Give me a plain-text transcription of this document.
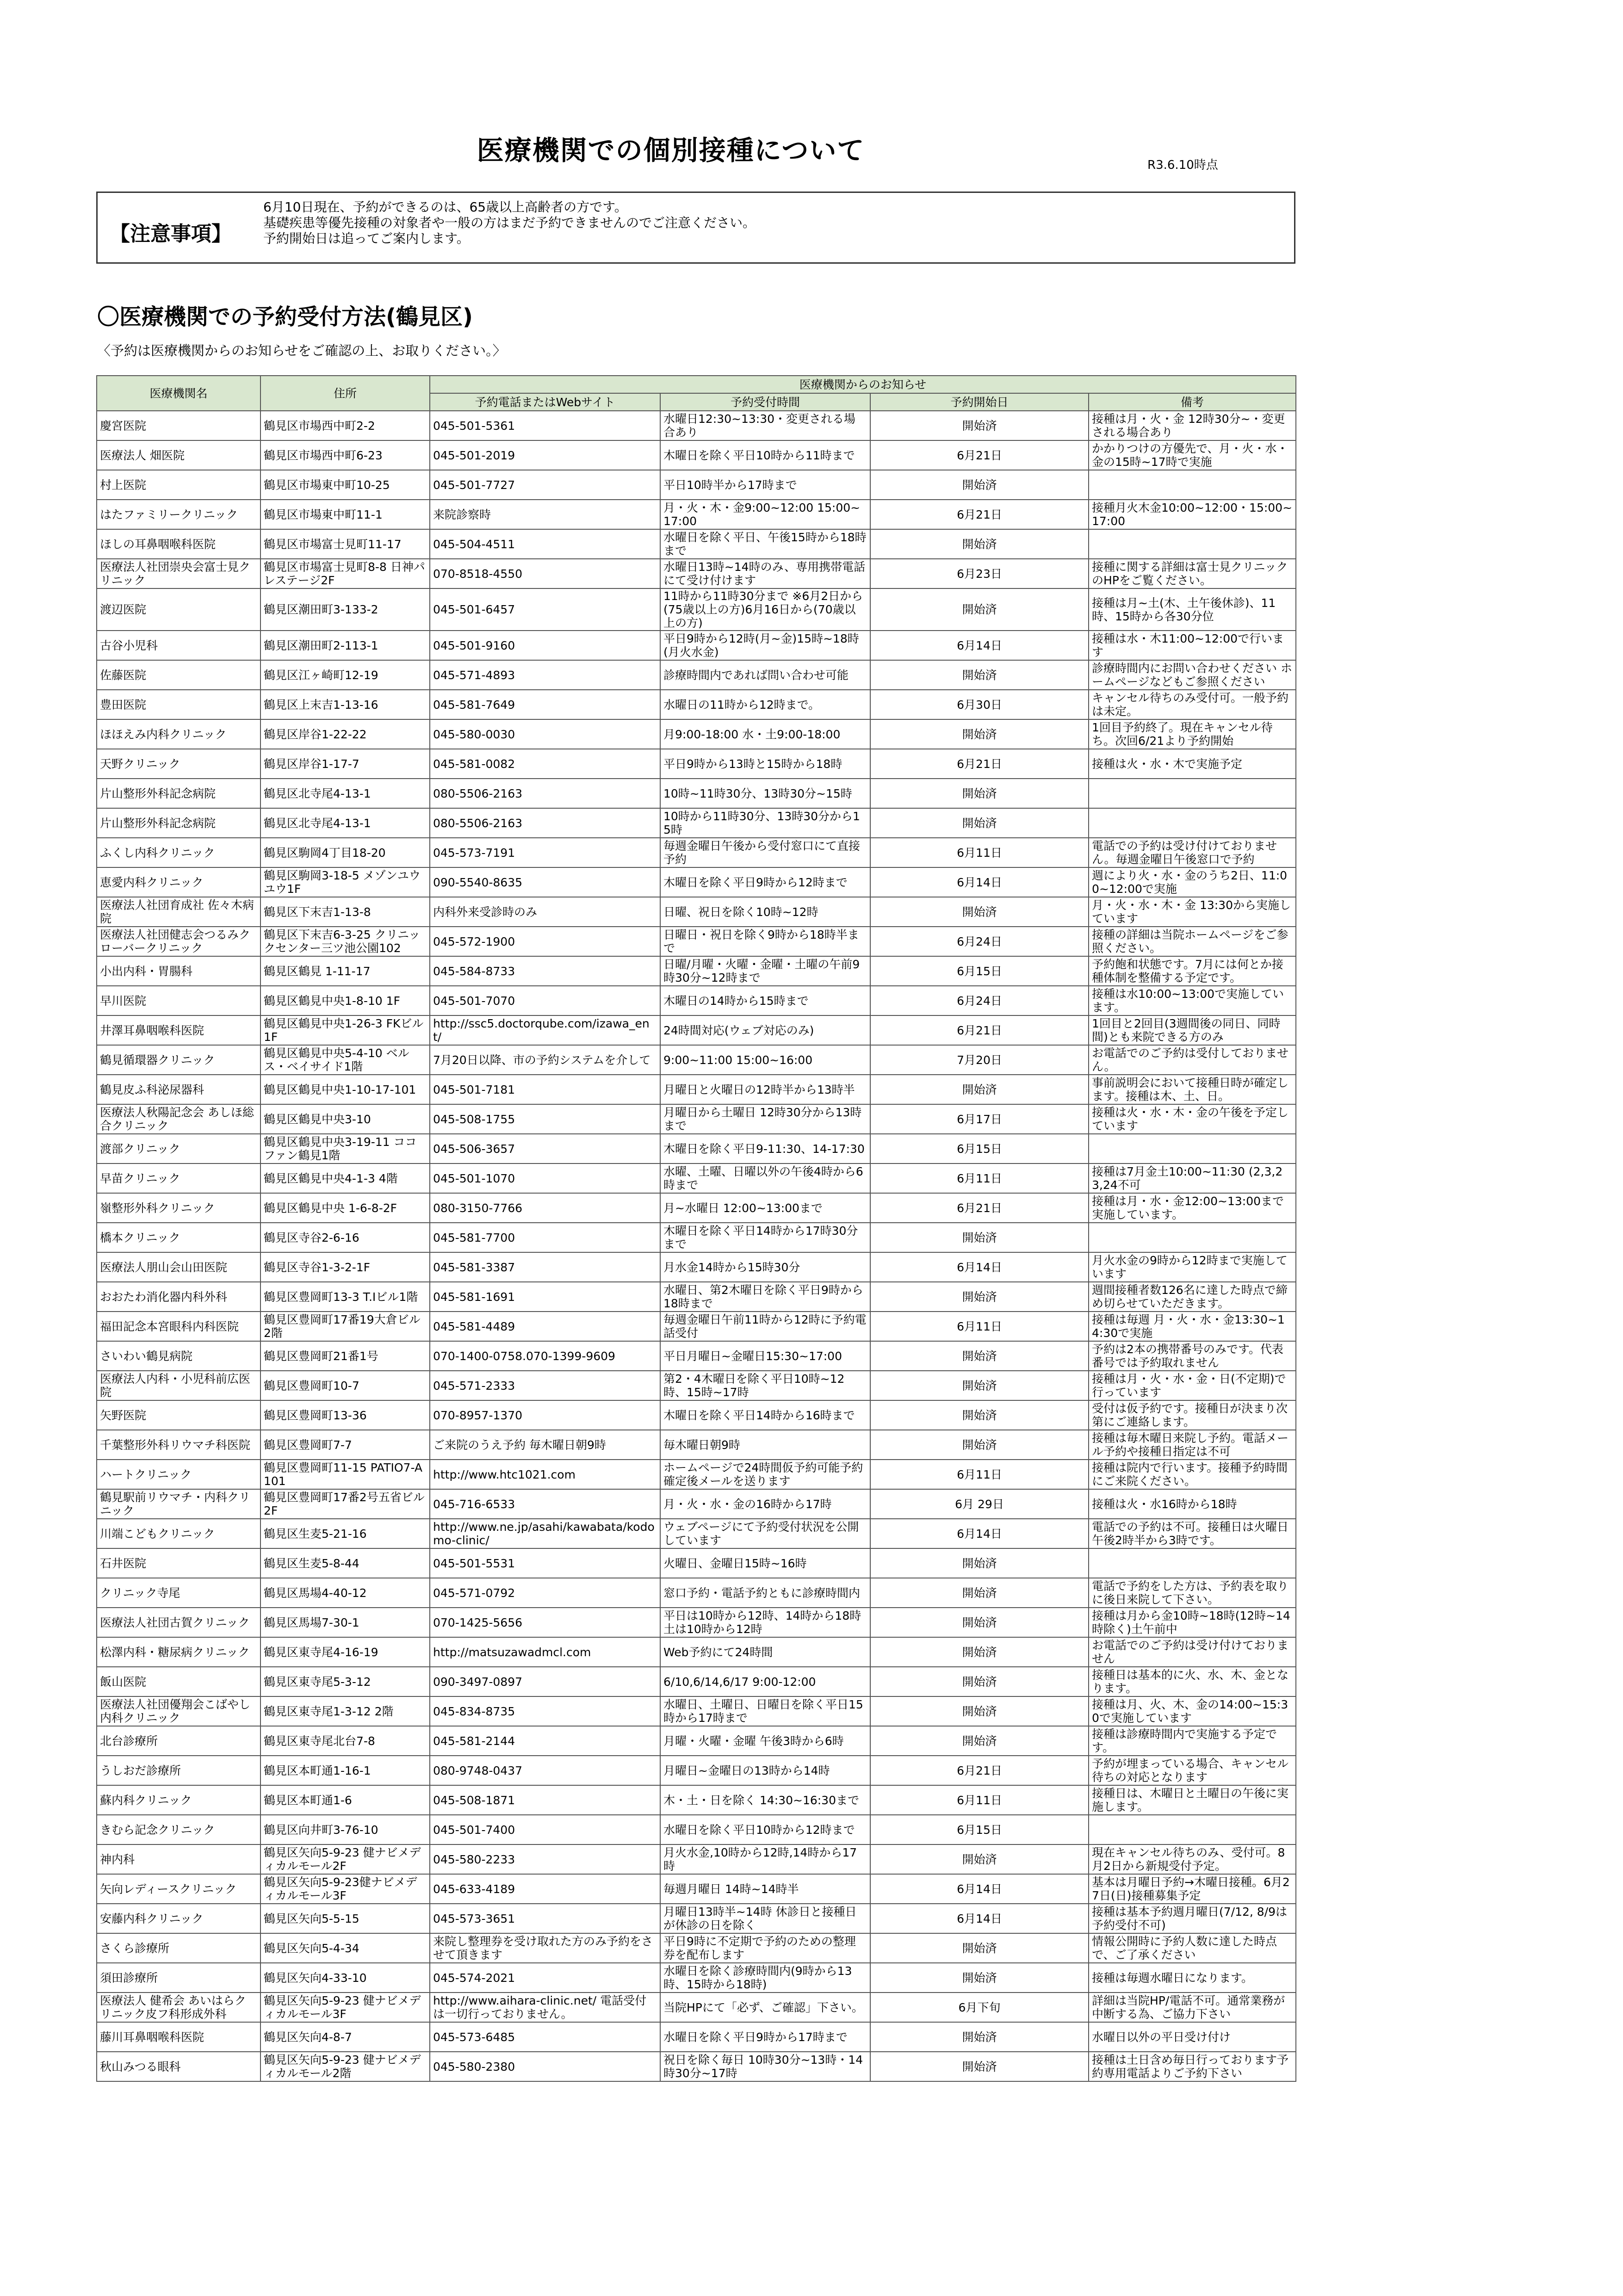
医療機関での個別接種について	R3.6.10時点
【注意事項】
6月10日現在、予約ができるのは、65歳以上高齢者の方です。
基礎疾患等優先接種の対象者や一般の方はまだ予約できませんのでご注意ください。
予約開始日は追ってご案内します。
〇医療機関での予約受付方法(鶴見区)
〈予約は医療機関からのお知らせをご確認の上、お取りください。〉
医療機関名	住所	医療機関からのお知らせ			
		予約電話またはWebサイト	予約受付時間	予約開始日	備考
慶宮医院	鶴見区市場西中町2-2	045-501-5361	水曜日12:30~13:30・変更される場合あり	開始済	接種は月・火・金 12時30分~・変更される場合あり
医療法人 畑医院	鶴見区市場西中町6-23	045-501-2019	木曜日を除く平日10時から11時まで	6月21日	かかりつけの方優先で、月・火・水・金の15時~17時で実施
村上医院	鶴見区市場東中町10-25	045-501-7727	平日10時半から17時まで	開始済	
はたファミリークリニック	鶴見区市場東中町11-1	来院診察時	月・火・木・金9:00~12:00 15:00~17:00	6月21日	接種月火木金10:00~12:00・15:00~17:00
ほしの耳鼻咽喉科医院	鶴見区市場富士見町11-17	045-504-4511	水曜日を除く平日、午後15時から18時まで	開始済	
医療法人社団崇央会富士見クリニック	鶴見区市場富士見町8-8 日神パレステージ2F	070-8518-4550	水曜日13時~14時のみ、専用携帯電話にて受け付けます	6月23日	接種に関する詳細は富士見クリニックのHPをご覧ください。
渡辺医院	鶴見区潮田町3-133-2	045-501-6457	11時から11時30分まで ※6月2日から(75歳以上の方)6月16日から(70歳以上の方)	開始済	接種は月~土(木、土午後休診)、11時、15時から各30分位
古谷小児科	鶴見区潮田町2-113-1	045-501-9160	平日9時から12時(月~金)15時~18時(月火水金)	6月14日	接種は水・木11:00~12:00で行います
佐藤医院	鶴見区江ヶ崎町12-19	045-571-4893	診療時間内であれば問い合わせ可能	開始済	診療時間内にお問い合わせください ホームページなどもご参照ください
豊田医院	鶴見区上末吉1-13-16	045-581-7649	水曜日の11時から12時まで。	6月30日	キャンセル待ちのみ受付可。一般予約は未定。
ほほえみ内科クリニック	鶴見区岸谷1-22-22	045-580-0030	月9:00-18:00 水・土9:00-18:00	開始済	1回目予約終了。現在キャンセル待ち。次回6/21より予約開始
天野クリニック	鶴見区岸谷1-17-7	045-581-0082	平日9時から13時と15時から18時	6月21日	接種は火・水・木で実施予定
片山整形外科記念病院	鶴見区北寺尾4-13-1	080-5506-2163	10時~11時30分、13時30分~15時	開始済	
片山整形外科記念病院	鶴見区北寺尾4-13-1	080-5506-2163	10時から11時30分、13時30分から15時	開始済	
ふくし内科クリニック	鶴見区駒岡4丁目18-20	045-573-7191	毎週金曜日午後から受付窓口にて直接予約	6月11日	電話での予約は受け付けておりません。毎週金曜日午後窓口で予約
恵愛内科クリニック	鶴見区駒岡3-18-5 メゾンユウユウ1F	090-5540-8635	木曜日を除く平日9時から12時まで	6月14日	週により火・水・金のうち2日、11:00~12:00で実施
医療法人社団育成社 佐々木病院	鶴見区下末吉1-13-8	内科外来受診時のみ	日曜、祝日を除く10時~12時	開始済	月・火・水・木・金 13:30から実施しています
医療法人社団健志会つるみクローバークリニック	鶴見区下末吉6-3-25 クリニックセンター三ツ池公園102	045-572-1900	日曜日・祝日を除く9時から18時半まで	6月24日	接種の詳細は当院ホームページをご参照ください。
小出内科・胃腸科	鶴見区鶴見 1-11-17	045-584-8733	日曜/月曜・火曜・金曜・土曜の午前9時30分~12時まで	6月15日	予約飽和状態です。7月には何とか接種体制を整備する予定です。
早川医院	鶴見区鶴見中央1-8-10 1F	045-501-7070	木曜日の14時から15時まで	6月24日	接種は水10:00~13:00で実施しています。
井澤耳鼻咽喉科医院	鶴見区鶴見中央1-26-3 FKビル1F	http://ssc5.doctorqube.com/izawa_ent/	24時間対応(ウェブ対応のみ)	6月21日	1回目と2回目(3週間後の同日、同時間)とも来院できる方のみ
鶴見循環器クリニック	鶴見区鶴見中央5-4-10 ベルス・ベイサイド1階	7月20日以降、市の予約システムを介して	9:00~11:00 15:00~16:00	7月20日	お電話でのご予約は受付しておりません。
鶴見皮ふ科泌尿器科	鶴見区鶴見中央1-10-17-101	045-501-7181	月曜日と火曜日の12時半から13時半	開始済	事前説明会において接種日時が確定します。接種は木、土、日。
医療法人秋陽記念会 あしほ総合クリニック	鶴見区鶴見中央3-10	045-508-1755	月曜日から土曜日 12時30分から13時まで	6月17日	接種は火・水・木・金の午後を予定しています
渡部クリニック	鶴見区鶴見中央3-19-11 ココファン鶴見1階	045-506-3657	木曜日を除く平日9-11:30、14-17:30	6月15日	
早苗クリニック	鶴見区鶴見中央4-1-3 4階	045-501-1070	水曜、土曜、日曜以外の午後4時から6時まで	6月11日	接種は7月金土10:00~11:30 (2,3,23,24不可
嶺整形外科クリニック	鶴見区鶴見中央 1-6-8-2F	080-3150-7766	月~水曜日 12:00~13:00まで	6月21日	接種は月・水・金12:00~13:00まで実施しています。
橋本クリニック	鶴見区寺谷2-6-16	045-581-7700	木曜日を除く平日14時から17時30分まで	開始済	
医療法人朋山会山田医院	鶴見区寺谷1-3-2-1F	045-581-3387	月水金14時から15時30分	6月14日	月火水金の9時から12時まで実施しています
おおたわ消化器内科外科	鶴見区豊岡町13-3 T.Iビル1階	045-581-1691	水曜日、第2木曜日を除く平日9時から18時まで	開始済	週間接種者数126名に達した時点で締め切らせていただきます。
福田記念本宮眼科内科医院	鶴見区豊岡町17番19大倉ビル2階	045-581-4489	毎週金曜日午前11時から12時に予約電話受付	6月11日	接種は毎週 月・火・水・金13:30~14:30で実施
さいわい鶴見病院	鶴見区豊岡町21番1号	070-1400-0758.070-1399-9609	平日月曜日~金曜日15:30~17:00	開始済	予約は2本の携帯番号のみです。代表番号では予約取れません
医療法人内科・小児科前広医院	鶴見区豊岡町10-7	045-571-2333	第2・4木曜日を除く平日10時~12時、15時~17時	開始済	接種は月・火・水・金・日(不定期)で行っています
矢野医院	鶴見区豊岡町13-36	070-8957-1370	木曜日を除く平日14時から16時まで	開始済	受付は仮予約です。接種日が決まり次第にご連絡します。
千葉整形外科リウマチ科医院	鶴見区豊岡町7-7	ご来院のうえ予約 毎木曜日朝9時	毎木曜日朝9時	開始済	接種は毎木曜日来院し予約。電話メール予約や接種日指定は不可
ハートクリニック	鶴見区豊岡町11-15 PATIO7-A101	http://www.htc1021.com	ホームページで24時間仮予約可能予約確定後メールを送ります	6月11日	接種は院内で行います。接種予約時間にご来院ください。
鶴見駅前リウマチ・内科クリニック	鶴見区豊岡町17番2号五省ビル2F	045-716-6533	月・火・水・金の16時から17時	6月 29日	接種は火・水16時から18時
川端こどもクリニック	鶴見区生麦5-21-16	http://www.ne.jp/asahi/kawabata/kodomo-clinic/	ウェブページにて予約受付状況を公開しています	6月14日	電話での予約は不可。接種日は火曜日午後2時半から3時です。
石井医院	鶴見区生麦5-8-44	045-501-5531	火曜日、金曜日15時~16時	開始済	
クリニック寺尾	鶴見区馬場4-40-12	045-571-0792	窓口予約・電話予約ともに診療時間内	開始済	電話で予約をした方は、予約表を取りに後日来院して下さい。
医療法人社団古賀クリニック	鶴見区馬場7-30-1	070-1425-5656	平日は10時から12時、14時から18時 土は10時から12時	開始済	接種は月から金10時~18時(12時~14時除く)土午前中
松澤内科・糖尿病クリニック	鶴見区東寺尾4-16-19	http://matsuzawadmcl.com	Web予約にて24時間	開始済	お電話でのご予約は受け付けておりません
飯山医院	鶴見区東寺尾5-3-12	090-3497-0897	6/10,6/14,6/17 9:00-12:00	開始済	接種日は基本的に火、水、木、金となります。
医療法人社団優翔会こばやし内科クリニック	鶴見区東寺尾1-3-12 2階	045-834-8735	水曜日、土曜日、日曜日を除く平日15時から17時まで	開始済	接種は月、火、木、金の14:00~15:30で実施しています
北台診療所	鶴見区東寺尾北台7-8	045-581-2144	月曜・火曜・金曜 午後3時から6時	開始済	接種は診療時間内で実施する予定です。
うしおだ診療所	鶴見区本町通1-16-1	080-9748-0437	月曜日~金曜日の13時から14時	6月21日	予約が埋まっている場合、キャンセル待ちの対応となります
蘇内科クリニック	鶴見区本町通1-6	045-508-1871	木・土・日を除く 14:30~16:30まで	6月11日	接種日は、木曜日と土曜日の午後に実施します。
きむら記念クリニック	鶴見区向井町3-76-10	045-501-7400	水曜日を除く平日10時から12時まで	6月15日	
神内科	鶴見区矢向5-9-23 健ナビメディカルモール2F	045-580-2233	月火水金,10時から12時,14時から17時	開始済	現在キャンセル待ちのみ、受付可。8月2日から新規受付予定。
矢向レディースクリニック	鶴見区矢向5-9-23健ナビメディカルモール3F	045-633-4189	毎週月曜日 14時~14時半	6月14日	基本は月曜日予約→木曜日接種。6月27日(日)接種募集予定
安藤内科クリニック	鶴見区矢向5-5-15	045-573-3651	月曜日13時半~14時 休診日と接種日が休診の日を除く	6月14日	接種は基本予約週月曜日(7/12, 8/9は予約受付不可)
さくら診療所	鶴見区矢向5-4-34	来院し整理券を受け取れた方のみ予約をさせて頂きます	平日9時に不定期で予約のための整理券を配布します	開始済	情報公開時に予約人数に達した時点で、ご了承ください
須田診療所	鶴見区矢向4-33-10	045-574-2021	水曜日を除く診療時間内(9時から13時、15時から18時)	開始済	接種は毎週水曜日になります。
医療法人 健希会 あいはらクリニック皮フ科形成外科	鶴見区矢向5-9-23 健ナビメディカルモール3F	http://www.aihara-clinic.net/ 電話受付は一切行っておりません。	当院HPにて「必ず、ご確認」下さい。	6月下旬	詳細は当院HP/電話不可。通常業務が中断する為、ご協力下さい
藤川耳鼻咽喉科医院	鶴見区矢向4-8-7	045-573-6485	水曜日を除く平日9時から17時まで	開始済	水曜日以外の平日受け付け
秋山みつる眼科	鶴見区矢向5-9-23 健ナビメディカルモール2階	045-580-2380	祝日を除く毎日 10時30分~13時・14時30分~17時	開始済	接種は土日含め毎日行っております予約専用電話よりご予約下さい
